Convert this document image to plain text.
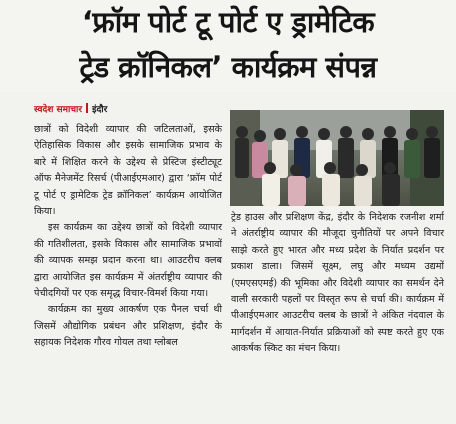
‘फ्रॉम पोर्ट टू पोर्ट ए ड्रामेटिक
ट्रेड क्रॉनिकल’ कार्यक्रम संपन्न
स्वदेश समाचार इंदौर

छात्रों को विदेशी व्यापार की जटिलताओं, इसके ऐतिहासिक विकास और इसके सामाजिक प्रभाव के बारे में शिक्षित करने के उद्देश्य से प्रेस्टिज इंस्टीट्यूट ऑफ मैनेजमेंट रिसर्च (पीआईएमआर) द्वारा ‘फ्रॉम पोर्ट टू पोर्ट ए ड्रामेटिक ट्रेड क्रॉनिकल’ कार्यक्रम आयोजित किया।

इस कार्यक्रम का उद्देश्य छात्रों को विदेशी व्यापार की गतिशीलता, इसके विकास और सामाजिक प्रभावों की व्यापक समझ प्रदान करना था। आउटरीच क्लब द्वारा आयोजित इस कार्यक्रम में अंतर्राष्ट्रीय व्यापार की पेचीदगियों पर एक समृद्ध विचार-विमर्श किया गया।

कार्यक्रम का मुख्य आकर्षण एक पैनल चर्चा थी जिसमें औद्योगिक प्रबंधन और प्रशिक्षण, इंदौर के सहायक निदेशक गौरव गोयल तथा ग्लोबल

ट्रेड हाउस और प्रशिक्षण केंद्र, इंदौर के निदेशक रजनीश शर्मा ने अंतर्राष्ट्रीय व्यापार की मौजूदा चुनौतियों पर अपने विचार साझे करते हुए भारत और मध्य प्रदेश के निर्यात प्रदर्शन पर प्रकाश डाला। जिसमें सूक्ष्म, लघु और मध्यम उद्यमों (एमएसएमई) की भूमिका और विदेशी व्यापार का समर्थन देने वाली सरकारी पहलों पर विस्तृत रूप से चर्चा की। कार्यक्रम में पीआईएमआर आउटरीच क्लब के छात्रों ने अंकित नंदवाल के मार्गदर्शन में आयात-निर्यात प्रक्रियाओं को स्पष्ट करते हुए एक आकर्षक स्किट का मंचन किया।
